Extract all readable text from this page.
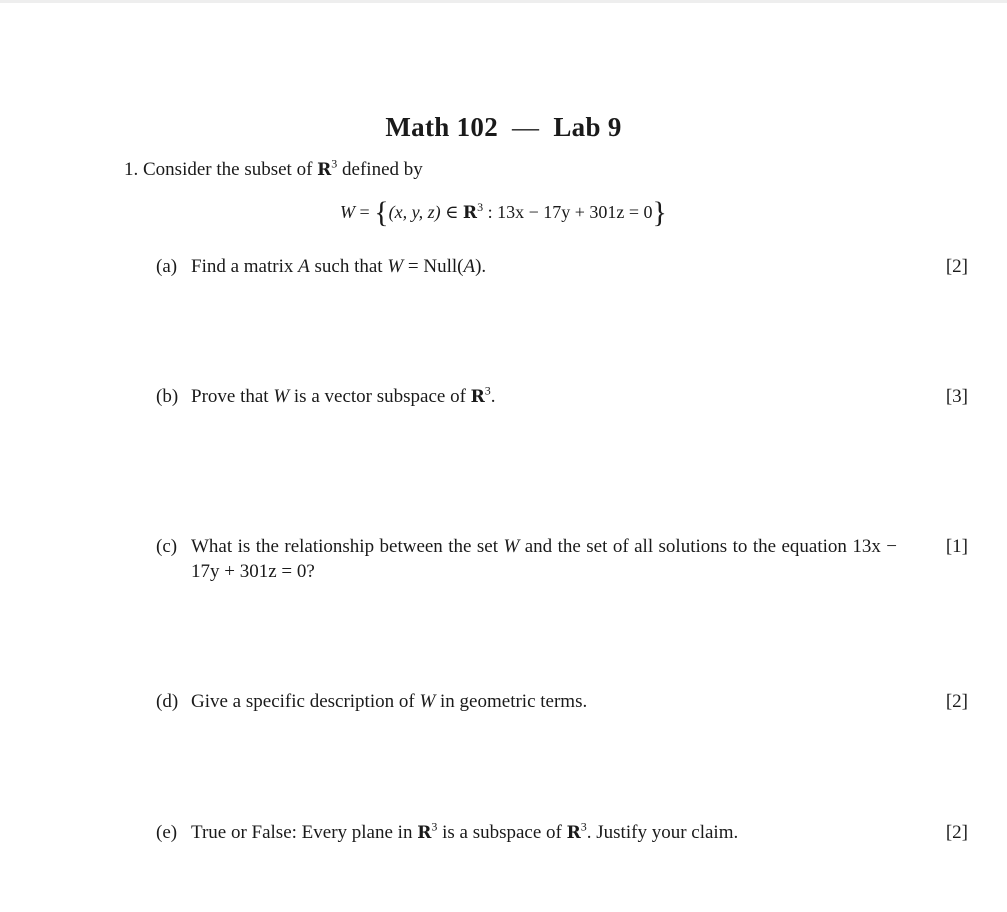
Math 102 — Lab 9
1. Consider the subset of $R^3$ defined by
W = {(x, y, z) ∈ $R^3$ : 13x − 17y + 301z = 0}
(a) Find a matrix A such that W = Null(A).	[2]
(b) Prove that W is a vector subspace of $R^3$.	[3]
(c) What is the relationship between the set W and the set of all solutions to the equation 13x − 17y + 301z = 0?
[1]
(d) Give a specific description of W in geometric terms.	[2]
(e) True or False: Every plane in $R^3$ is a subspace of $R^3$. Justify your claim.	[2]
